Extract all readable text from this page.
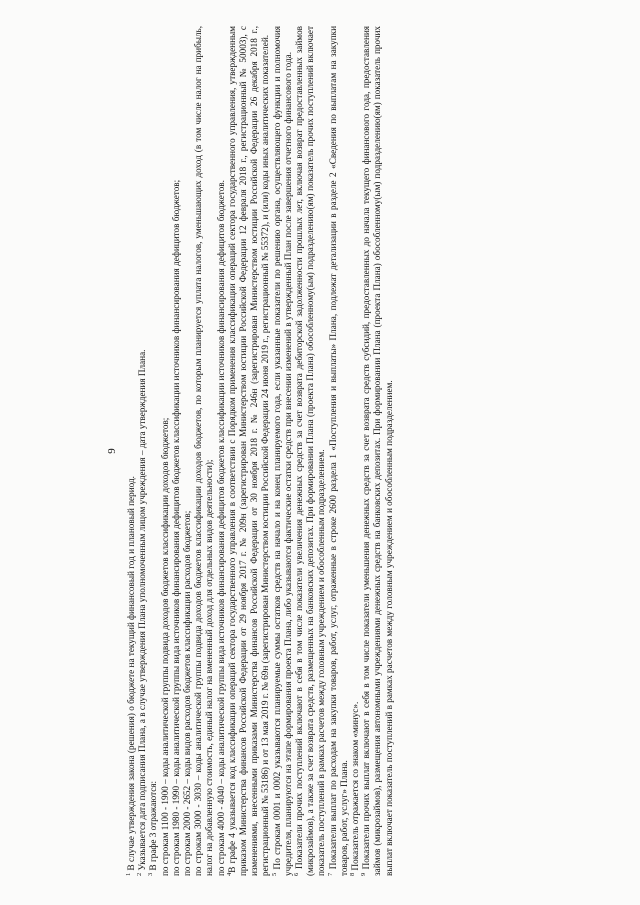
9

$^1$ В случае утверждения закона (решения) о бюджете на текущий финансовый год и плановый период.

$^2$ Указывается дата подписания Плана, а в случае утверждения Плана уполномоченным лицом учреждения – дата утверждения Плана.

$^3$ В графе 3 отражаются: по строкам 1100 - 1900 – коды аналитической группы подвида доходов бюджетов классификации доходов бюджетов; по строкам 1980 - 1990 – коды аналитической группы вида источников финансирования дефицитов бюджетов классификации источников финансирования дефицитов бюджетов; по строкам 2000 - 2652 – коды видов расходов бюджетов классификации расходов бюджетов; по строкам 3000 - 3030 – коды аналитической группы подвида доходов бюджетов классификации доходов бюджетов, по которым планируется уплата налогов, уменьшающих доход (в том числе налог на прибыль, налог на добавленную стоимость, единый налог на вмененный доход для отдельных видов деятельности); по строкам 4000 - 4040 – коды аналитической группы вида источников финансирования дефицитов бюджетов классификации источников финансирования дефицитов бюджетов. $^4$В графе 4 указывается код классификации операций сектора государственного управления в соответствии с Порядком применения классификации операций сектора государственного управления, утвержденным приказом Министерства финансов Российской Федерации от 29 ноября 2017 г. № 209н (зарегистрирован Министерством юстиции Российской Федерации 12 февраля 2018 г., регистрационный № 50003), с изменениями, внесенными приказами Министерства финансов Российской Федерации от 30 ноября 2018 г. № 246н (зарегистрирован Министерством юстиции Российской Федерации 26 декабря 2018 г., регистрационный № 53186) и от 13 мая 2019 г. № 69н (зарегистрирован Министерством юстиции Российской Федерации 24 июня 2019 г., регистрационный № 55372), и (или) коды иных аналитических показателей. $^5$ По строкам 0001 и 0002 указываются планируемые суммы остатков средств на начало и на конец планируемого года, если указанные показатели по решению органа, осуществляющего функции и полномочия учредителя, планируются на этапе формирования проекта Плана, либо указываются фактические остатки средств при внесении изменений в утвержденный План после завершения отчетного финансового года. $^6$ Показатели прочих поступлений включают в себя в том числе показатели увеличения денежных средств за счет возврата дебиторской задолженности прошлых лет, включая возврат предоставленных займов (микрозаймов), а также за счет возврата средств, размещенных на банковских депозитах. При формировании Плана (проекта Плана) обособленному(ым) подразделению(ям) показатель прочих поступлений включает показатель поступлений в рамках расчетов между головным учреждением и обособленным подразделением. $^7$ Показатели выплат по расходам на закупки товаров, работ, услуг, отраженные в строке 2600 раздела 1 «Поступления и выплаты» Плана, подлежат детализации в разделе 2 «Сведения по выплатам на закупки товаров, работ, услуг» Плана. $^8$ Показатель отражается со знаком «минус».

$^9$ Показатели прочих выплат включают в себя в том числе показатели уменьшения денежных средств за счет возврата средств субсидий, предоставленных до начала текущего финансового года, предоставления займов (микрозаймов), размещения автономными учреждениями денежных средств на банковских депозитах. При формировании Плана (проекта Плана) обособленному(ым) подразделению(ям) показатель прочих выплат включает показатель поступлений в рамках расчетов между головным учреждением и обособленным подразделением.
